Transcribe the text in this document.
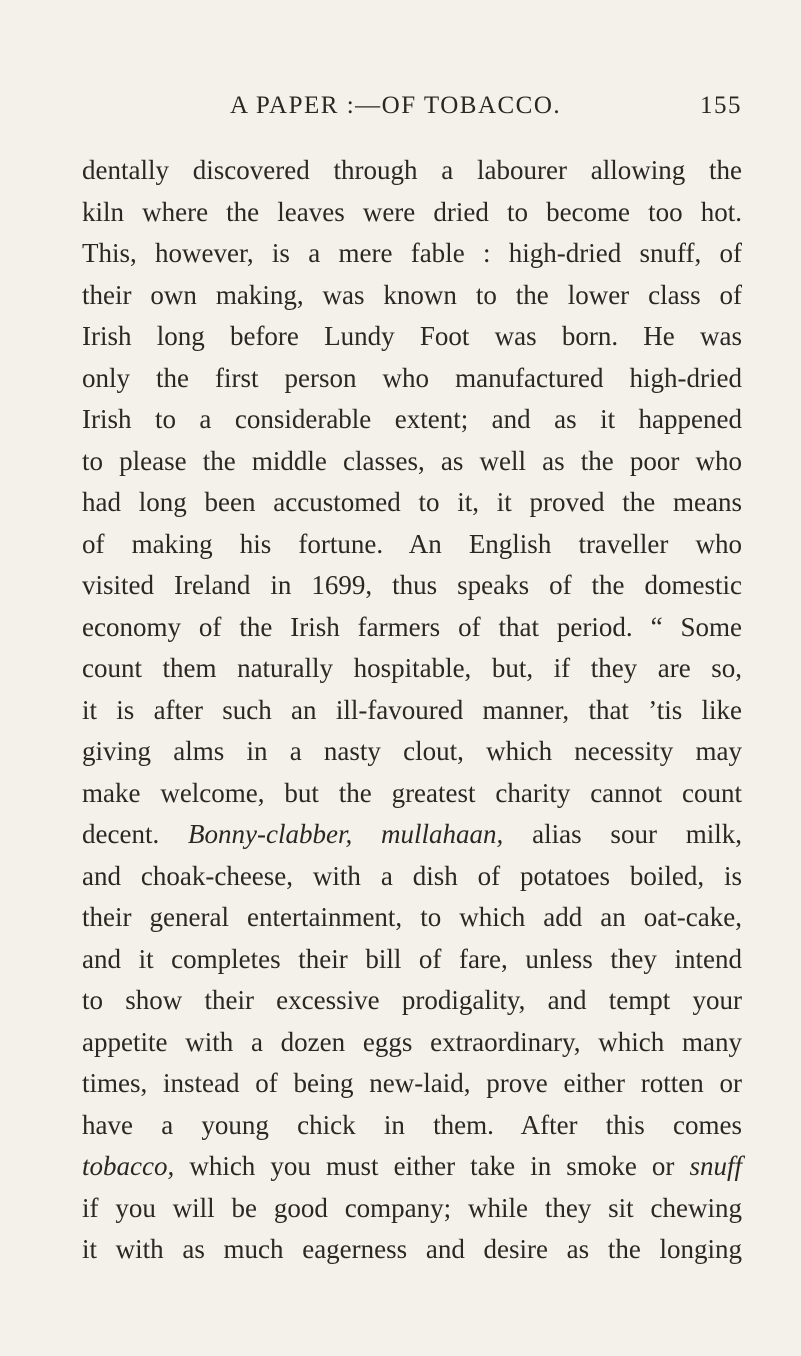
A PAPER :—OF TOBACCO.	155
dentally discovered through a labourer allowing the
kiln where the leaves were dried to become too hot.
This, however, is a mere fable : high-dried snuff, of
their own making, was known to the lower class of
Irish long before Lundy Foot was born. He was
only the first person who manufactured high-dried
Irish to a considerable extent; and as it happened
to please the middle classes, as well as the poor who
had long been accustomed to it, it proved the means
of making his fortune. An English traveller who
visited Ireland in 1699, thus speaks of the domestic
economy of the Irish farmers of that period. “ Some
count them naturally hospitable, but, if they are so,
it is after such an ill-favoured manner, that ’tis like
giving alms in a nasty clout, which necessity may
make welcome, but the greatest charity cannot count
decent. Bonny-clabber, mullahaan, alias sour milk,
and choak-cheese, with a dish of potatoes boiled, is
their general entertainment, to which add an oat-cake,
and it completes their bill of fare, unless they intend
to show their excessive prodigality, and tempt your
appetite with a dozen eggs extraordinary, which many
times, instead of being new-laid, prove either rotten or
have a young chick in them. After this comes
tobacco, which you must either take in smoke or snuff
if you will be good company; while they sit chewing
it with as much eagerness and desire as the longing
